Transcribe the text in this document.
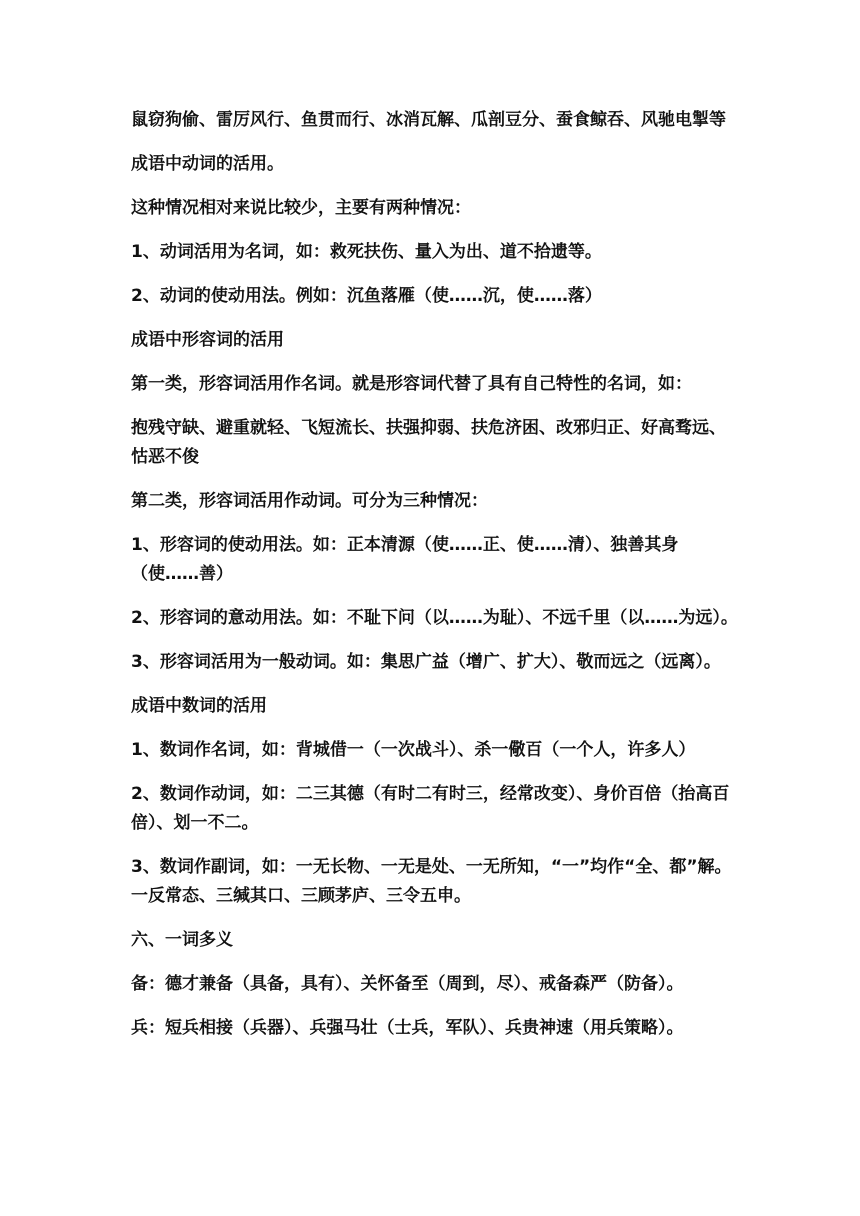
鼠窃狗偷、雷厉风行、鱼贯而行、冰消瓦解、瓜剖豆分、蚕食鲸吞、风驰电掣等

成语中动词的活用。

这种情况相对来说比较少，主要有两种情况：

1、动词活用为名词，如：救死扶伤、量入为出、道不拾遗等。

2、动词的使动用法。例如：沉鱼落雁（使……沉，使……落）

成语中形容词的活用

第一类，形容词活用作名词。就是形容词代替了具有自己特性的名词，如：

抱残守缺、避重就轻、飞短流长、扶强抑弱、扶危济困、改邪归正、好高骛远、怙恶不俊

第二类，形容词活用作动词。可分为三种情况：

1、形容词的使动用法。如：正本清源（使……正、使……清）、独善其身（使……善）

2、形容词的意动用法。如：不耻下问（以……为耻）、不远千里（以……为远）。

3、形容词活用为一般动词。如：集思广益（增广、扩大）、敬而远之（远离）。

成语中数词的活用

1、数词作名词，如：背城借一（一次战斗）、杀一儆百（一个人，许多人）

2、数词作动词，如：二三其德（有时二有时三，经常改变）、身价百倍（抬高百倍）、划一不二。

3、数词作副词，如：一无长物、一无是处、一无所知，“一”均作“全、都”解。一反常态、三缄其口、三顾茅庐、三令五申。

六、一词多义

备：德才兼备（具备，具有）、关怀备至（周到，尽）、戒备森严（防备）。

兵：短兵相接（兵器）、兵强马壮（士兵，军队）、兵贵神速（用兵策略）。
